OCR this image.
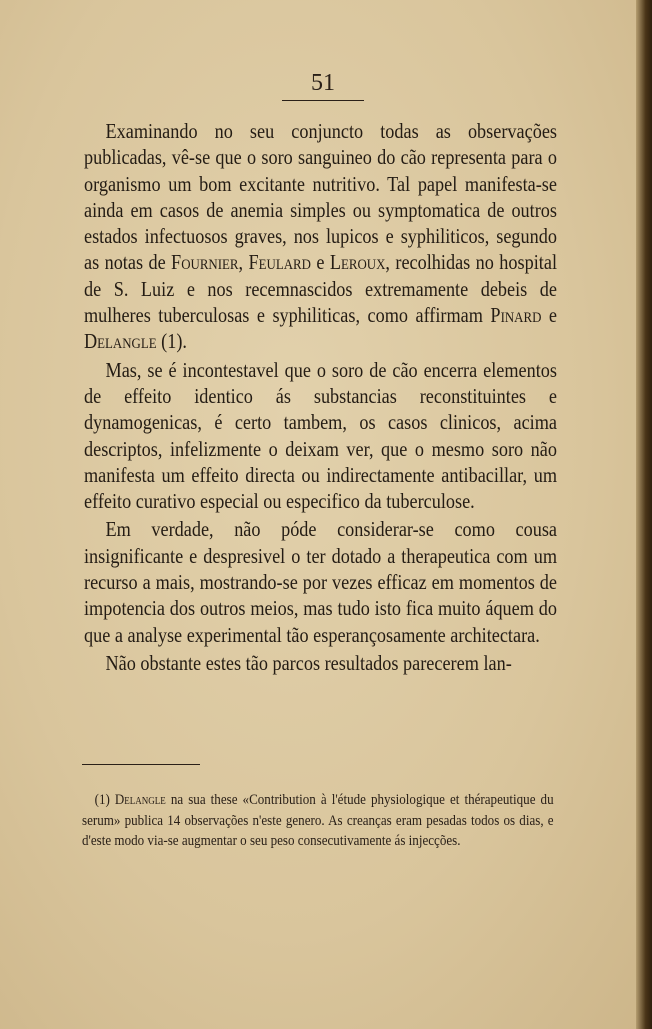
51

Examinando no seu conjuncto todas as observações publicadas, vê-se que o soro sanguineo do cão representa para o organismo um bom excitante nutritivo. Tal papel manifesta-se ainda em casos de anemia simples ou symptomatica de outros estados infectuosos graves, nos lupicos e syphiliticos, segundo as notas de Fournier, Feulard e Leroux, recolhidas no hospital de S. Luiz e nos recemnascidos extremamente debeis de mulheres tuberculosas e syphiliticas, como affirmam Pinard e Delangle (1).

Mas, se é incontestavel que o soro de cão encerra elementos de effeito identico ás substancias reconstituintes e dynamogenicas, é certo tambem, os casos clinicos, acima descriptos, infelizmente o deixam ver, que o mesmo soro não manifesta um effeito directa ou indirectamente antibacillar, um effeito curativo especial ou especifico da tuberculose.

Em verdade, não póde considerar-se como cousa insignificante e despresivel o ter dotado a therapeutica com um recurso a mais, mostrando-se por vezes efficaz em momentos de impotencia dos outros meios, mas tudo isto fica muito áquem do que a analyse experimental tão esperançosamente architectara.

Não obstante estes tão parcos resultados parecerem lan-

(1) Delangle na sua these «Contribution à l'étude physiologique et thérapeutique du serum» publica 14 observações n'este genero. As creanças eram pesadas todos os dias, e d'este modo via-se augmentar o seu peso consecutivamente ás injecções.
